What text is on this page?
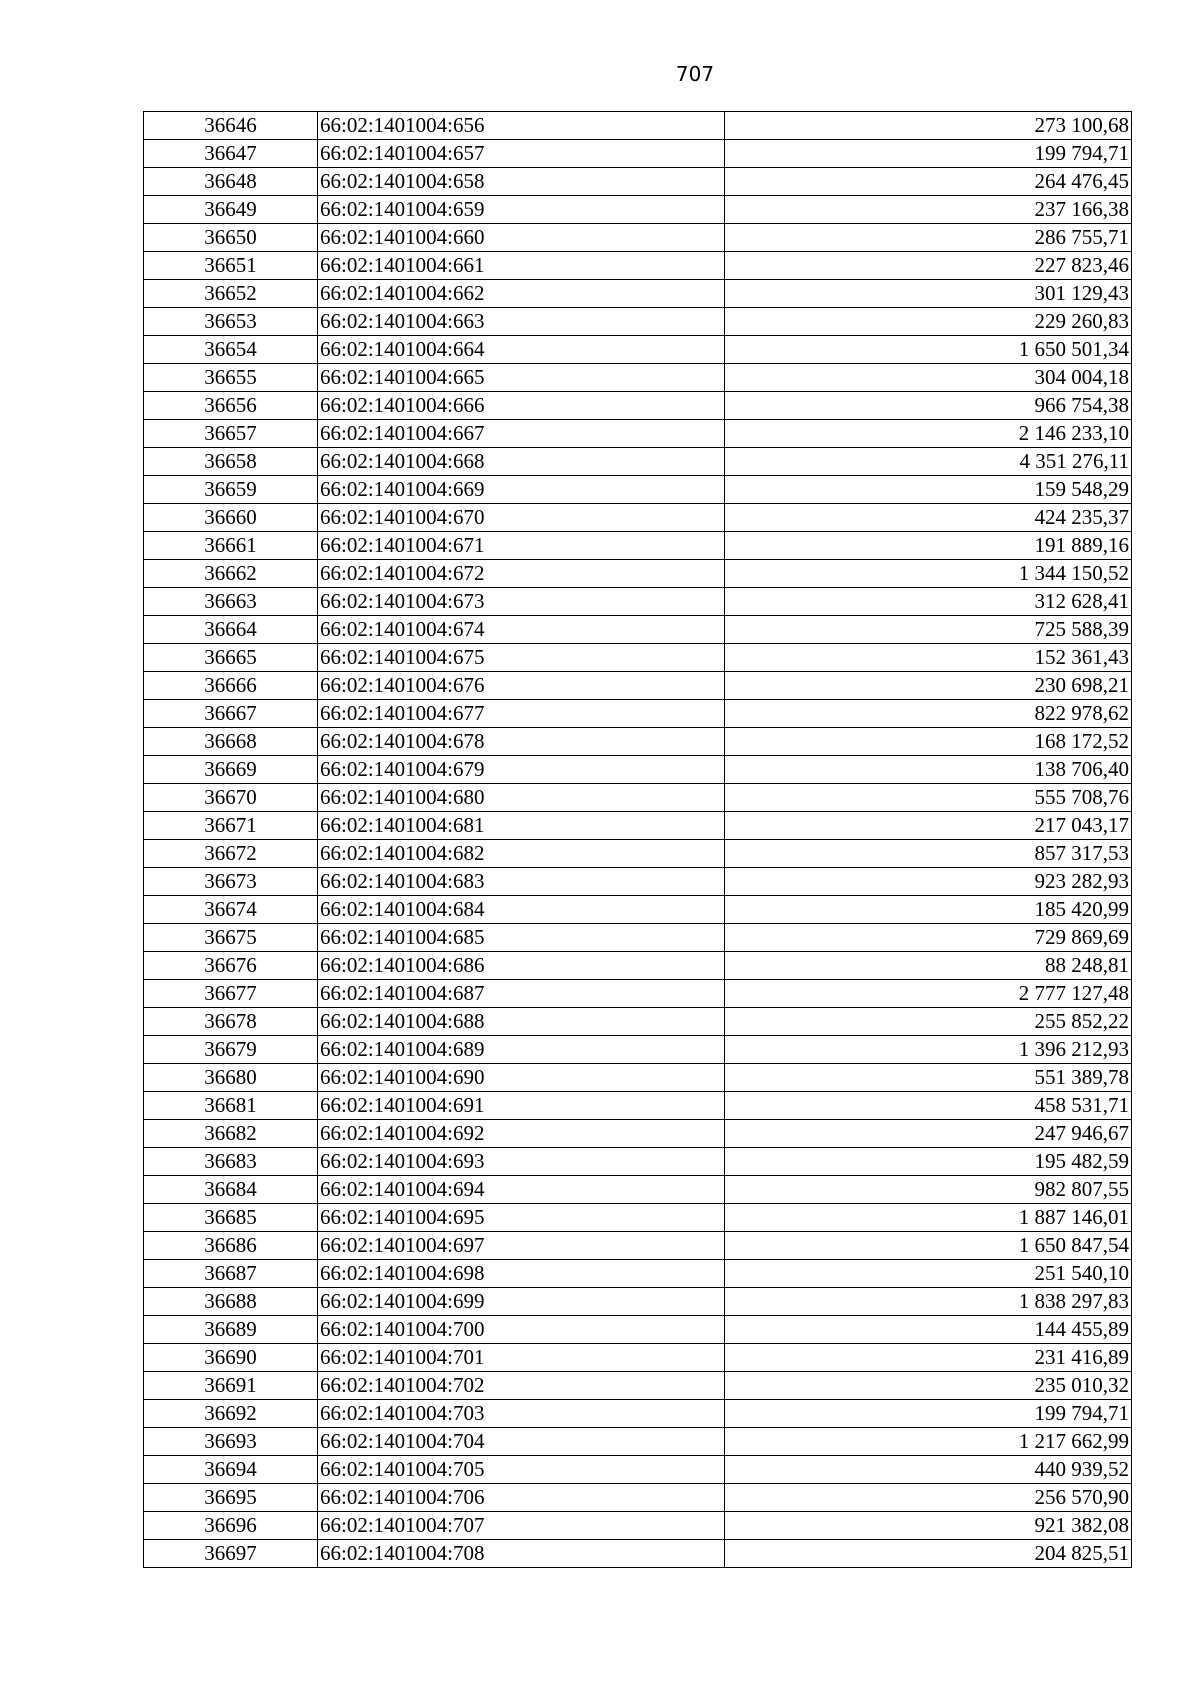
707
36646	66:02:1401004:656	273 100,68
36647	66:02:1401004:657	199 794,71
36648	66:02:1401004:658	264 476,45
36649	66:02:1401004:659	237 166,38
36650	66:02:1401004:660	286 755,71
36651	66:02:1401004:661	227 823,46
36652	66:02:1401004:662	301 129,43
36653	66:02:1401004:663	229 260,83
36654	66:02:1401004:664	1 650 501,34
36655	66:02:1401004:665	304 004,18
36656	66:02:1401004:666	966 754,38
36657	66:02:1401004:667	2 146 233,10
36658	66:02:1401004:668	4 351 276,11
36659	66:02:1401004:669	159 548,29
36660	66:02:1401004:670	424 235,37
36661	66:02:1401004:671	191 889,16
36662	66:02:1401004:672	1 344 150,52
36663	66:02:1401004:673	312 628,41
36664	66:02:1401004:674	725 588,39
36665	66:02:1401004:675	152 361,43
36666	66:02:1401004:676	230 698,21
36667	66:02:1401004:677	822 978,62
36668	66:02:1401004:678	168 172,52
36669	66:02:1401004:679	138 706,40
36670	66:02:1401004:680	555 708,76
36671	66:02:1401004:681	217 043,17
36672	66:02:1401004:682	857 317,53
36673	66:02:1401004:683	923 282,93
36674	66:02:1401004:684	185 420,99
36675	66:02:1401004:685	729 869,69
36676	66:02:1401004:686	88 248,81
36677	66:02:1401004:687	2 777 127,48
36678	66:02:1401004:688	255 852,22
36679	66:02:1401004:689	1 396 212,93
36680	66:02:1401004:690	551 389,78
36681	66:02:1401004:691	458 531,71
36682	66:02:1401004:692	247 946,67
36683	66:02:1401004:693	195 482,59
36684	66:02:1401004:694	982 807,55
36685	66:02:1401004:695	1 887 146,01
36686	66:02:1401004:697	1 650 847,54
36687	66:02:1401004:698	251 540,10
36688	66:02:1401004:699	1 838 297,83
36689	66:02:1401004:700	144 455,89
36690	66:02:1401004:701	231 416,89
36691	66:02:1401004:702	235 010,32
36692	66:02:1401004:703	199 794,71
36693	66:02:1401004:704	1 217 662,99
36694	66:02:1401004:705	440 939,52
36695	66:02:1401004:706	256 570,90
36696	66:02:1401004:707	921 382,08
36697	66:02:1401004:708	204 825,51
